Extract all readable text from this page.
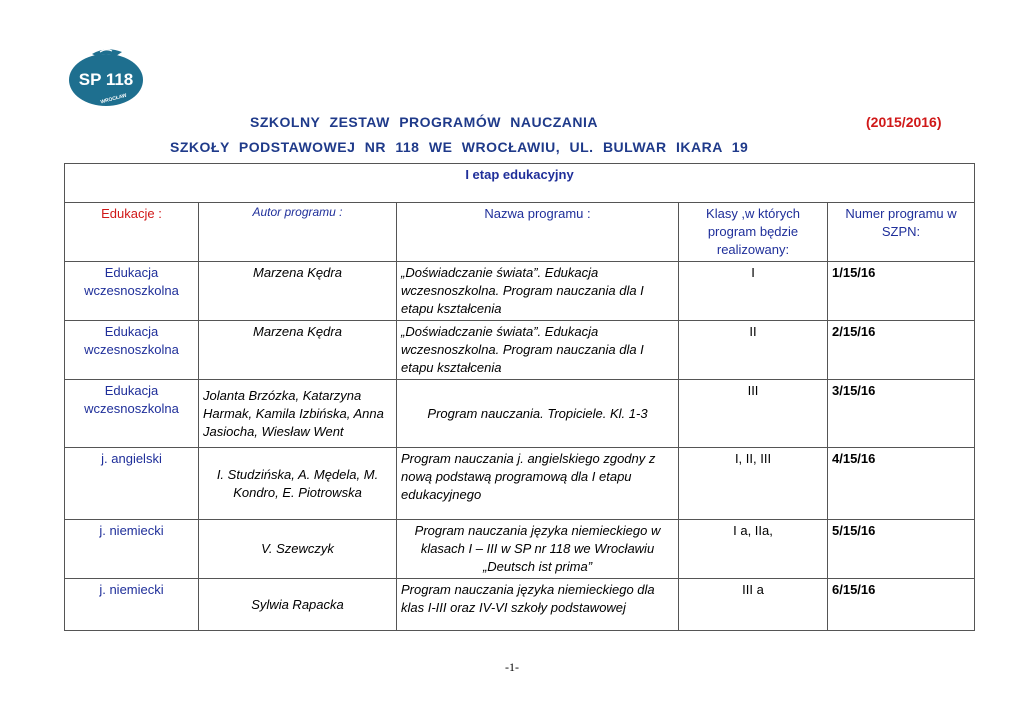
SP 118
WROCŁAW
SZKOLNY ZESTAW PROGRAMÓW NAUCZANIA	(2015/2016)
SZKOŁY PODSTAWOWEJ NR 118 WE WROCŁAWIU, UL. BULWAR IKARA 19
I etap edukacyjny				
Edukacje :	Autor programu :	Nazwa programu :	Klasy ,w których program będzie realizowany:	Numer programu w SZPN:
Edukacja wczesnoszkolna	Marzena Kędra	„Doświadczanie świata”. Edukacja wczesnoszkolna. Program nauczania dla I etapu kształcenia	I	1/15/16
Edukacja wczesnoszkolna	Marzena Kędra	„Doświadczanie świata”. Edukacja wczesnoszkolna. Program nauczania dla I etapu kształcenia	II	2/15/16
Edukacja wczesnoszkolna	Jolanta Brzózka, Katarzyna Harmak, Kamila Izbińska, Anna Jasiocha, Wiesław Went	Program nauczania. Tropiciele. Kl. 1-3	III	3/15/16
j. angielski	I. Studzińska, A. Mędela, M. Kondro, E. Piotrowska	Program nauczania j. angielskiego zgodny z nową podstawą programową dla I etapu edukacyjnego	I, II, III	4/15/16
j. niemiecki	V. Szewczyk	Program nauczania języka niemieckiego w klasach I – III w SP nr 118 we Wrocławiu „Deutsch ist prima”	I a, IIa,	5/15/16
j. niemiecki	Sylwia Rapacka	Program nauczania języka niemieckiego dla klas I-III oraz IV-VI szkoły podstawowej	III a	6/15/16
-1-
